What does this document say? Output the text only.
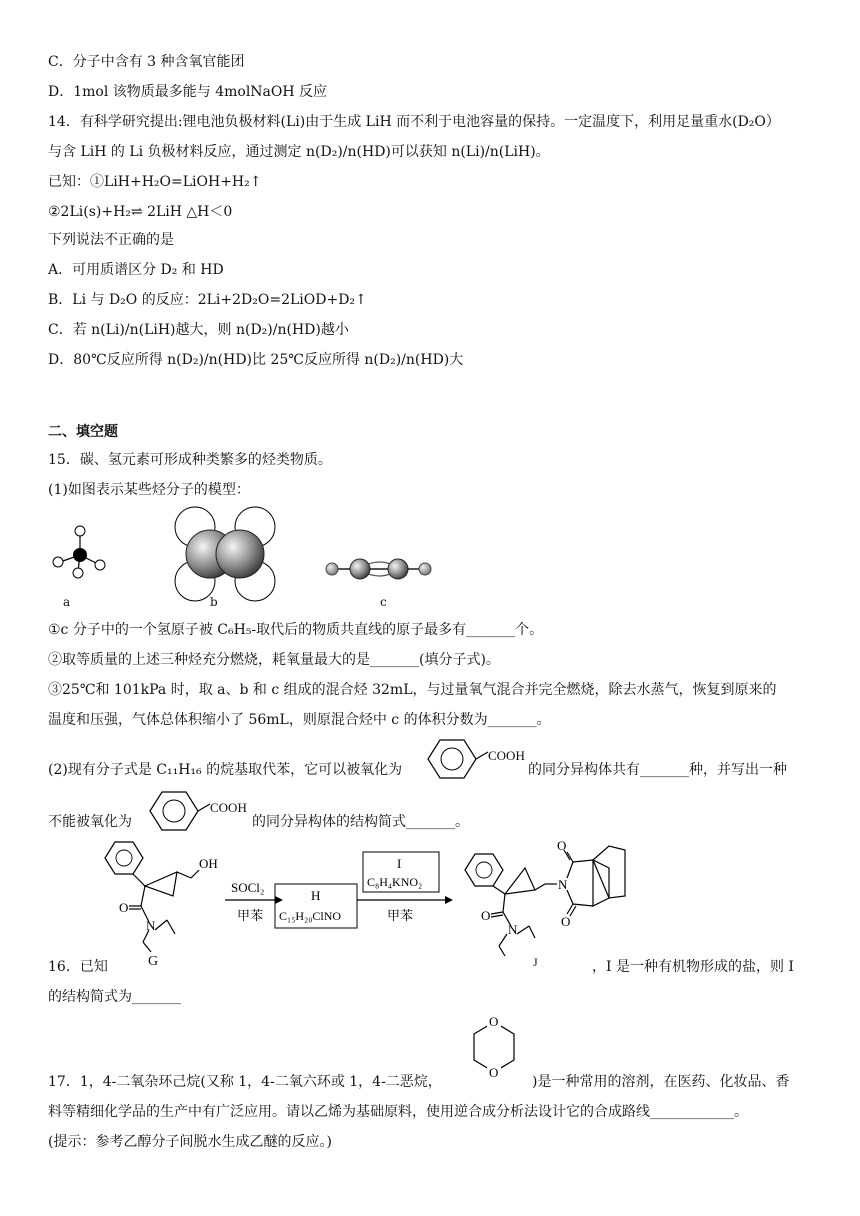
C．分子中含有 3 种含氧官能团
D．1mol 该物质最多能与 4molNaOH 反应
14．有科学研究提出:锂电池负极材料(Li)由于生成 LiH 而不利于电池容量的保持。一定温度下，利用足量重水(D₂O）
与含 LiH 的 Li 负极材料反应，通过测定 n(D₂)/n(HD)可以获知 n(Li)/n(LiH)。
已知：①LiH+H₂O=LiOH+H₂↑
②2Li(s)+H₂⇌ 2LiH △H＜0
下列说法不正确的是
A．可用质谱区分 D₂ 和 HD
B．Li 与 D₂O 的反应：2Li+2D₂O=2LiOD+D₂↑
C．若 n(Li)/n(LiH)越大，则 n(D₂)/n(HD)越小
D．80℃反应所得 n(D₂)/n(HD)比 25℃反应所得 n(D₂)/n(HD)大
二、填空题
15．碳、氢元素可形成种类繁多的烃类物质。
(1)如图表示某些烃分子的模型：
a	b	c
①c 分子中的一个氢原子被 C₆H₅-取代后的物质共直线的原子最多有_______个。
②取等质量的上述三种烃充分燃烧，耗氧量最大的是_______(填分子式)。
③25℃和 101kPa 时，取 a、b 和 c 组成的混合烃 32mL，与过量氧气混合并完全燃烧，除去水蒸气，恢复到原来的
温度和压强，气体总体积缩小了 56mL，则原混合烃中 c 的体积分数为_______。
(2)现有分子式是 C₁₁H₁₆ 的烷基取代苯，它可以被氧化为
COOH
的同分异构体共有_______种，并写出一种
不能被氧化为
COOH
的同分异构体的结构简式_______。
OH
O
N
SOCl₂
甲苯
H
C₁₅H₂₀ClNO
I
C₈H₄KNO₂
甲苯
O
O
N
O
N
G	J
16．已知	，I 是一种有机物形成的盐，则 I
的结构简式为_______
O
O
17．1，4-二氧杂环己烷(又称 1，4-二氧六环或 1，4-二恶烷，	)是一种常用的溶剂，在医药、化妆品、香
料等精细化学品的生产中有广泛应用。请以乙烯为基础原料，使用逆合成分析法设计它的合成路线____________。
(提示：参考乙醇分子间脱水生成乙醚的反应。)
